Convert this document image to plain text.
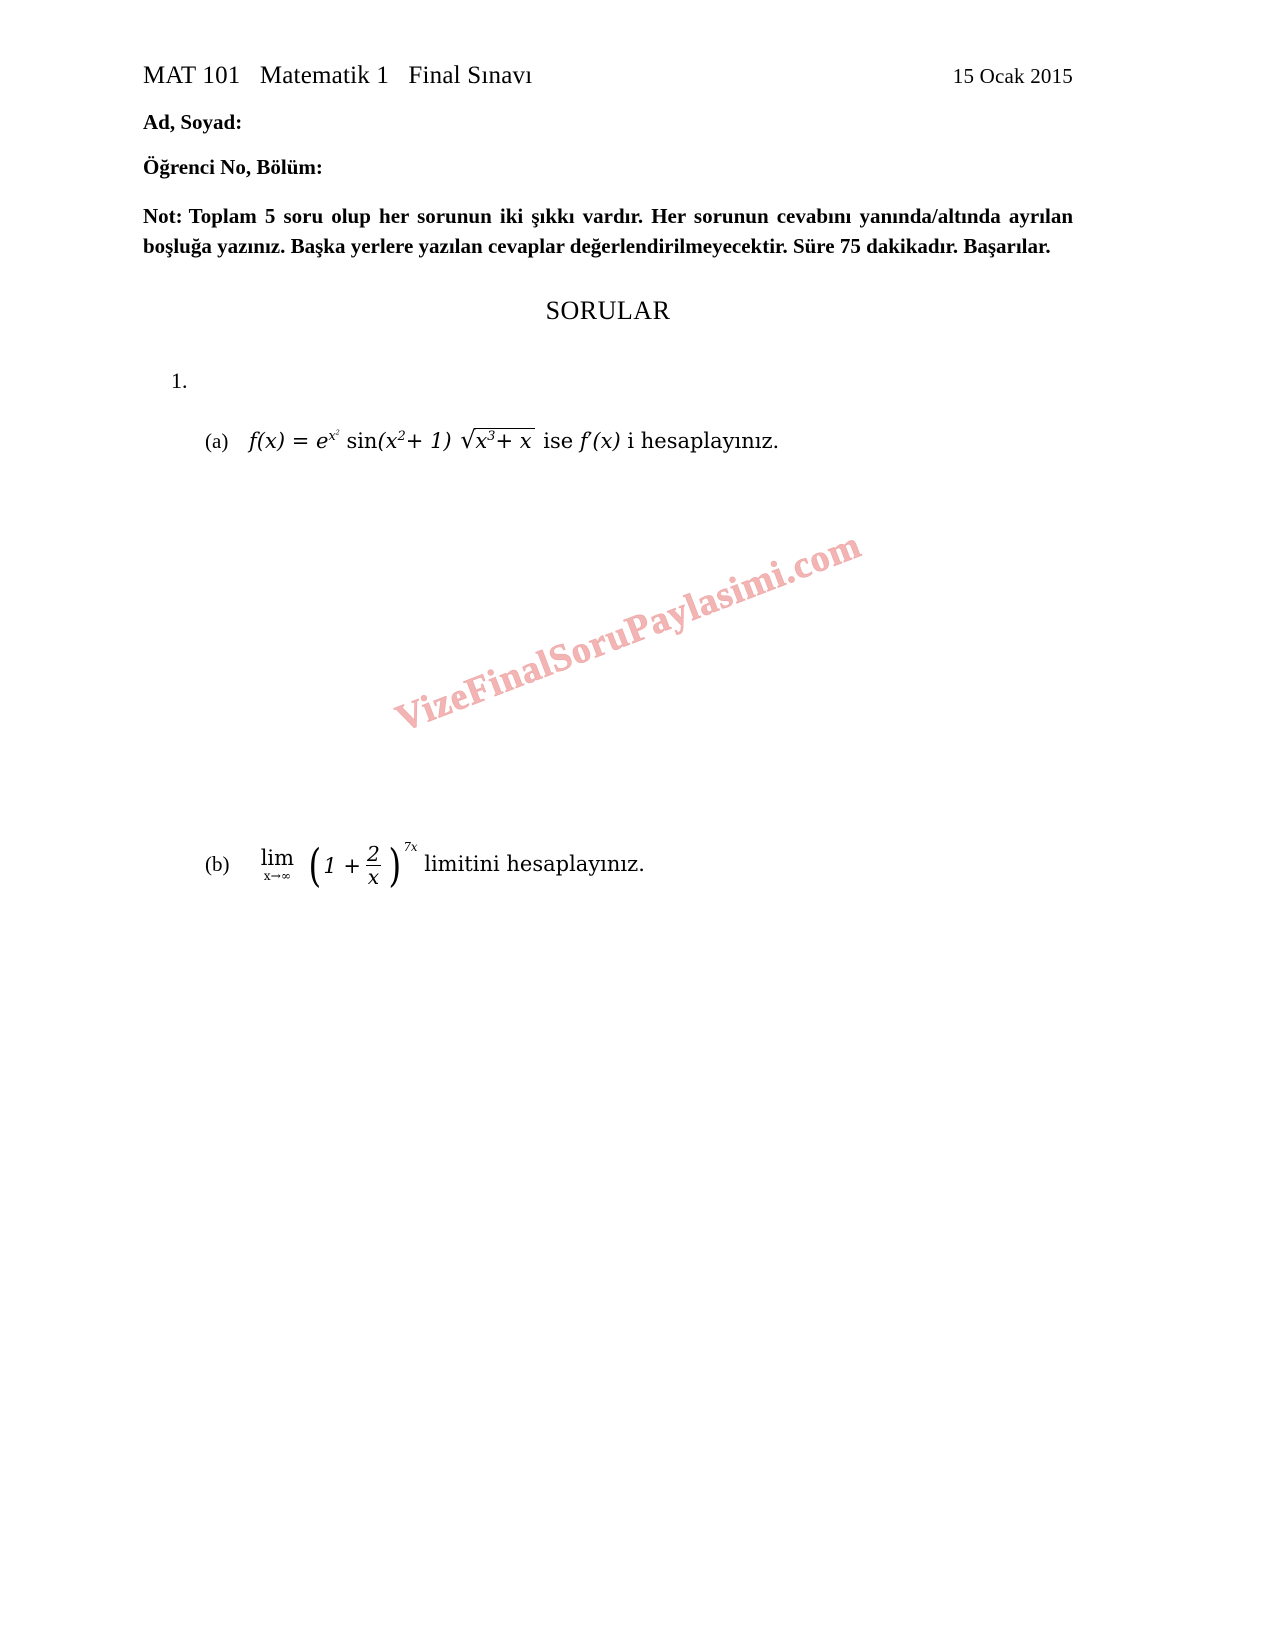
MAT 101   Matematik 1   Final Sınavı	15 Ocak 2015
Ad, Soyad:
Öğrenci No, Bölüm:
Not: Toplam 5 soru olup her sorunun iki şıkkı vardır. Her sorunun cevabını yanında/altında ayrılan boşluğa yazınız. Başka yerlere yazılan cevaplar değerlendirilmeyecektir. Süre 75 dakikadır. Başarılar.
SORULAR
1.
(a) $f(x) = e^{x^2}$ $\sin(x^2+ 1)$ √ $x^3+ x$ ise f′(x) i hesaplayınız.
(b) lim
x→∞
( $1 + \frac{2}{x}$ ) $^{7x}$ limitini hesaplayınız.
VizeFinalSoruPaylasimi.com
